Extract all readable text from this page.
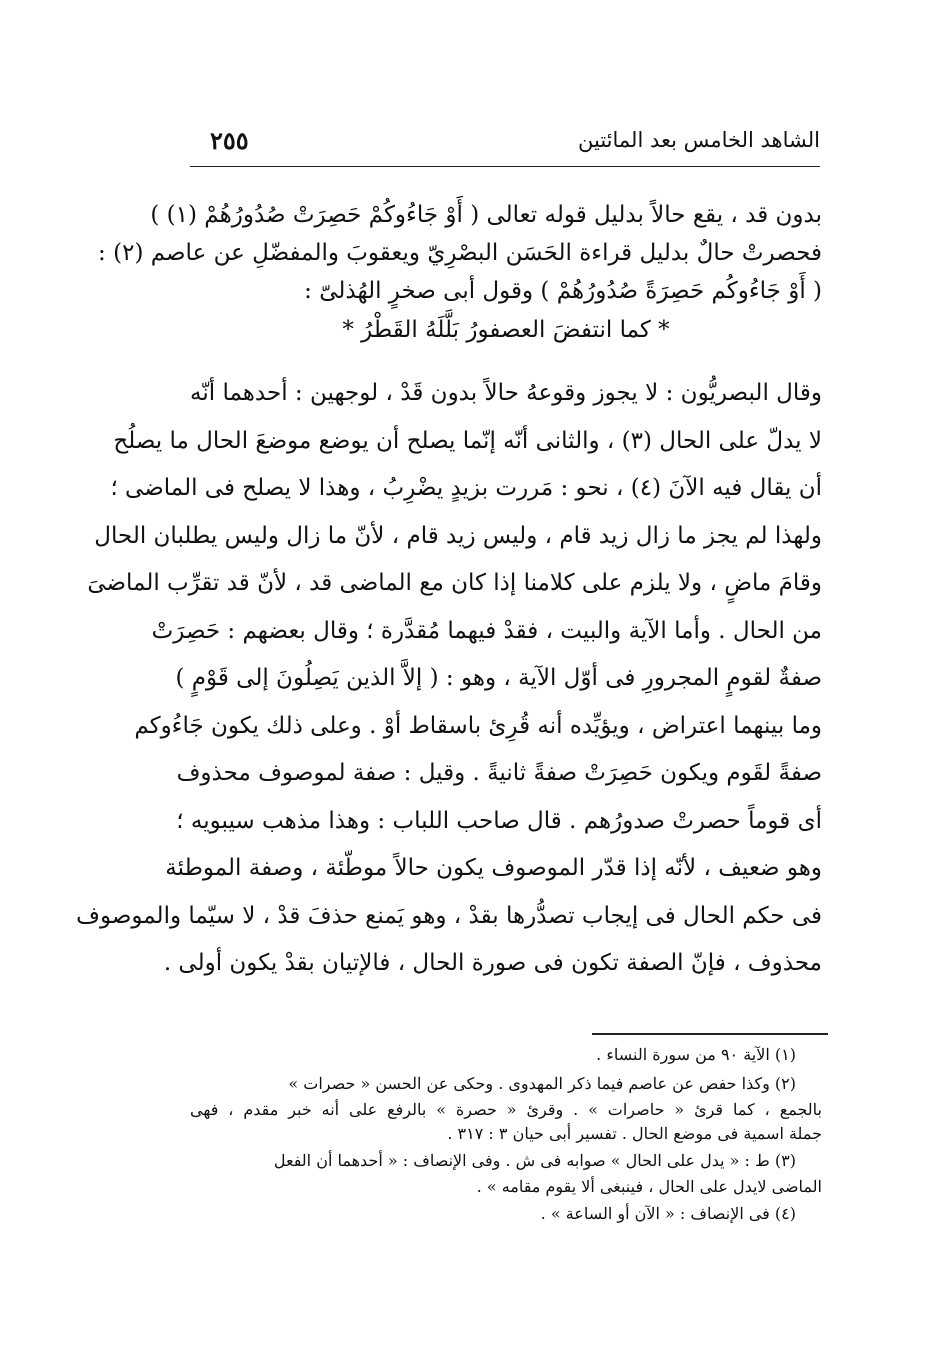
الشاهد الخامس بعد المائتين
٢٥٥
بدون قد ، يقع حالاً بدليل قوله تعالى ( أَوْ جَاءُوكُمْ حَصِرَتْ صُدُورُهُمْ (١) )
فحصرتْ حالٌ بدليل قراءة الحَسَن البصْرِيّ ويعقوبَ والمفضّلِ عن عاصم (٢) :
( أَوْ جَاءُوكُم حَصِرَةً صُدُورُهُمْ ) وقول أبى صخرٍ الهُذلىّ :
* كما انتفضَ العصفورُ بَلَّلَهُ القَطْرُ *
وقال البصريُّون : لا يجوز وقوعهُ حالاً بدون قَدْ ، لوجهين : أحدهما أنّه
لا يدلّ على الحال (٣) ، والثانى أنّه إنّما يصلح أن يوضع موضعَ الحال ما يصلُح
أن يقال فيه الآنَ (٤) ، نحو : مَررت بزيدٍ يضْرِبُ ، وهذا لا يصلح فى الماضى ؛
ولهذا لم يجز ما زال زيد قام ، وليس زيد قام ، لأنّ ما زال وليس يطلبان الحال
وقامَ ماضٍ ، ولا يلزم على كلامنا إذا كان مع الماضى قد ، لأنّ قد تقرِّب الماضىَ
من الحال . وأما الآية والبيت ، فقدْ فيهما مُقدَّرة ؛ وقال بعضهم : حَصِرَتْ
صفةٌ لقومٍ المجرورِ فى أوّل الآية ، وهو : ( إلاَّ الذين يَصِلُونَ إلى قَوْمٍ )
وما بينهما اعتراض ، ويؤيِّده أنه قُرِئ باسقاط أوْ . وعلى ذلك يكون جَاءُوكم
صفةً لقَوم ويكون حَصِرَتْ صفةً ثانيةً . وقيل : صفة لموصوف محذوف
أى قوماً حصرتْ صدورُهم . قال صاحب اللباب : وهذا مذهب سيبويه ؛
وهو ضعيف ، لأنّه إذا قدّر الموصوف يكون حالاً موطّئة ، وصفة الموطئة
فى حكم الحال فى إيجاب تصدُّرها بقدْ ، وهو يَمنع حذفَ قدْ ، لا سيّما والموصوف
محذوف ، فإنّ الصفة تكون فى صورة الحال ، فالإتيان بقدْ يكون أولى .
(١) الآية ٩٠ من سورة النساء .
(٢) وكذا حفص عن عاصم فيما ذكر المهدوى . وحكى عن الحسن « حصرات »
بالجمع ، كما قرئ « حاصرات » . وقرئ « حصرة » بالرفع على أنه خبر مقدم ، فهى
جملة اسمية فى موضع الحال . تفسير أبى حيان ٣ : ٣١٧ .
(٣) ط : « يدل على الحال » صوابه فى ش . وفى الإنصاف : « أحدهما أن الفعل
الماضى لايدل على الحال ، فينبغى ألا يقوم مقامه » .
(٤) فى الإنصاف : « الآن أو الساعة » .
